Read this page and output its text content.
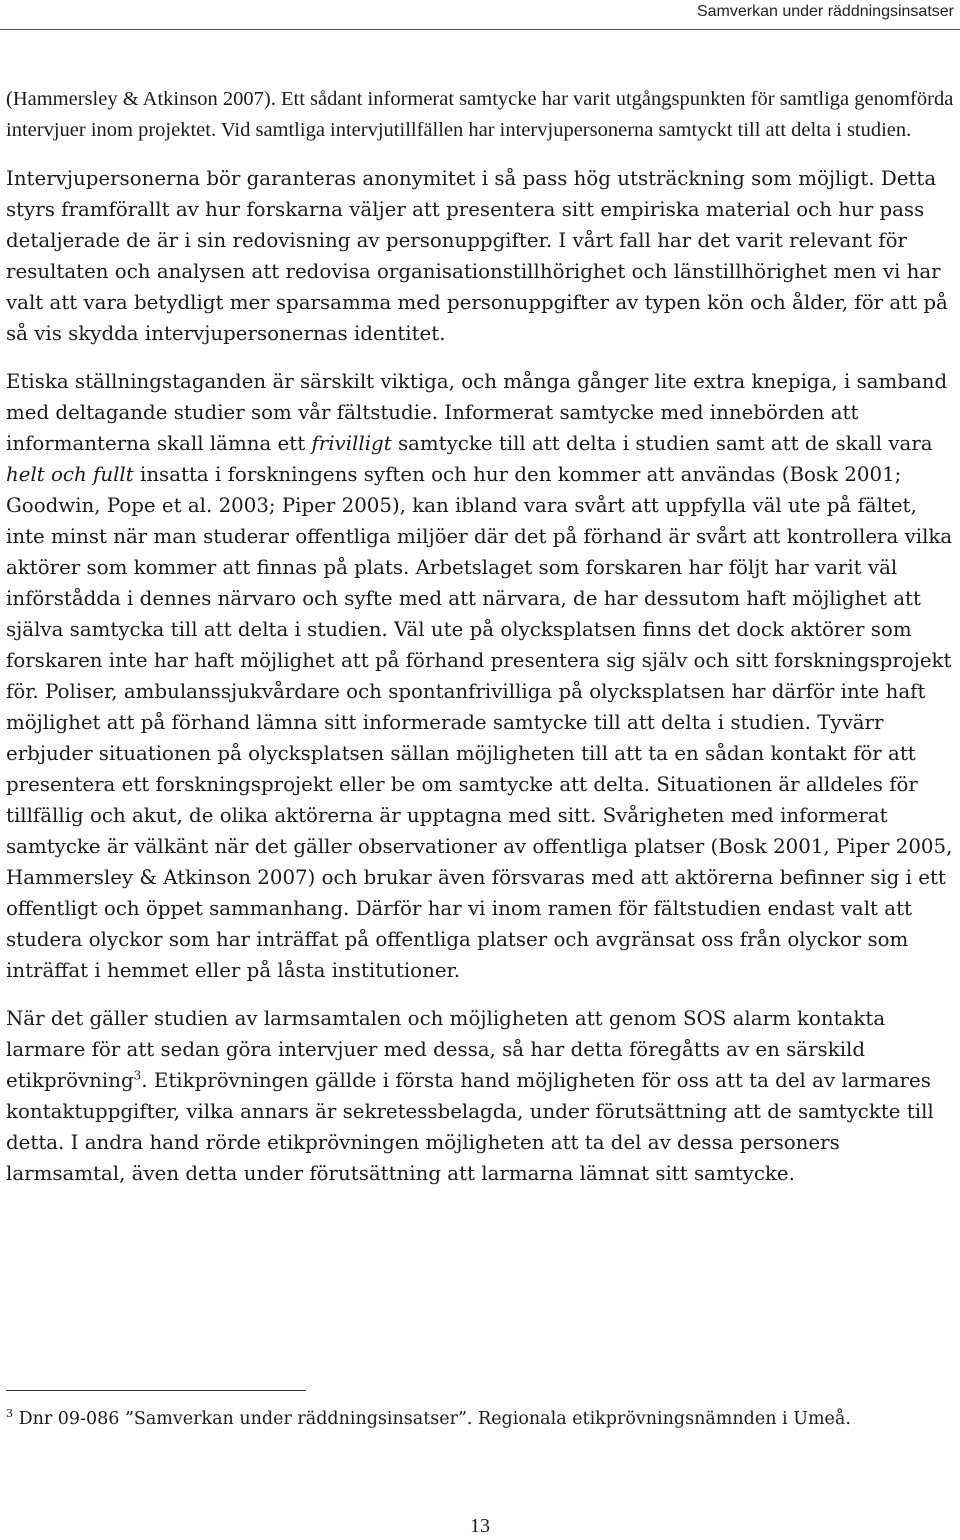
Samverkan under räddningsinsatser

(Hammersley & Atkinson 2007). Ett sådant informerat samtycke har varit utgångspunkten för samtliga genomförda intervjuer inom projektet. Vid samtliga intervjutillfällen har intervjupersonerna samtyckt till att delta i studien.

Intervjupersonerna bör garanteras anonymitet i så pass hög utsträckning som möjligt. Detta styrs framförallt av hur forskarna väljer att presentera sitt empiriska material och hur pass detaljerade de är i sin redovisning av personuppgifter. I vårt fall har det varit relevant för resultaten och analysen att redovisa organisationstillhörighet och länstillhörighet men vi har valt att vara betydligt mer sparsamma med personuppgifter av typen kön och ålder, för att på så vis skydda intervjupersonernas identitet.

Etiska ställningstaganden är särskilt viktiga, och många gånger lite extra knepiga, i samband med deltagande studier som vår fältstudie. Informerat samtycke med innebörden att informanterna skall lämna ett frivilligt samtycke till att delta i studien samt att de skall vara helt och fullt insatta i forskningens syften och hur den kommer att användas (Bosk 2001; Goodwin, Pope et al. 2003; Piper 2005), kan ibland vara svårt att uppfylla väl ute på fältet, inte minst när man studerar offentliga miljöer där det på förhand är svårt att kontrollera vilka aktörer som kommer att finnas på plats. Arbetslaget som forskaren har följt har varit väl införstådda i dennes närvaro och syfte med att närvara, de har dessutom haft möjlighet att själva samtycka till att delta i studien. Väl ute på olycksplatsen finns det dock aktörer som forskaren inte har haft möjlighet att på förhand presentera sig själv och sitt forskningsprojekt för. Poliser, ambulanssjukvårdare och spontanfrivilliga på olycksplatsen har därför inte haft möjlighet att på förhand lämna sitt informerade samtycke till att delta i studien. Tyvärr erbjuder situationen på olycksplatsen sällan möjligheten till att ta en sådan kontakt för att presentera ett forskningsprojekt eller be om samtycke att delta. Situationen är alldeles för tillfällig och akut, de olika aktörerna är upptagna med sitt. Svårigheten med informerat samtycke är välkänt när det gäller observationer av offentliga platser (Bosk 2001, Piper 2005, Hammersley & Atkinson 2007) och brukar även försvaras med att aktörerna befinner sig i ett offentligt och öppet sammanhang. Därför har vi inom ramen för fältstudien endast valt att studera olyckor som har inträffat på offentliga platser och avgränsat oss från olyckor som inträffat i hemmet eller på låsta institutioner.

När det gäller studien av larmsamtalen och möjligheten att genom SOS alarm kontakta larmare för att sedan göra intervjuer med dessa, så har detta föregåtts av en särskild etikprövning$^3$. Etikprövningen gällde i första hand möjligheten för oss att ta del av larmares kontaktuppgifter, vilka annars är sekretessbelagda, under förutsättning att de samtyckte till detta. I andra hand rörde etikprövningen möjligheten att ta del av dessa personers larmsamtal, även detta under förutsättning att larmarna lämnat sitt samtycke.

$^3$ Dnr 09-086 ”Samverkan under räddningsinsatser”. Regionala etikprövningsnämnden i Umeå.
13
